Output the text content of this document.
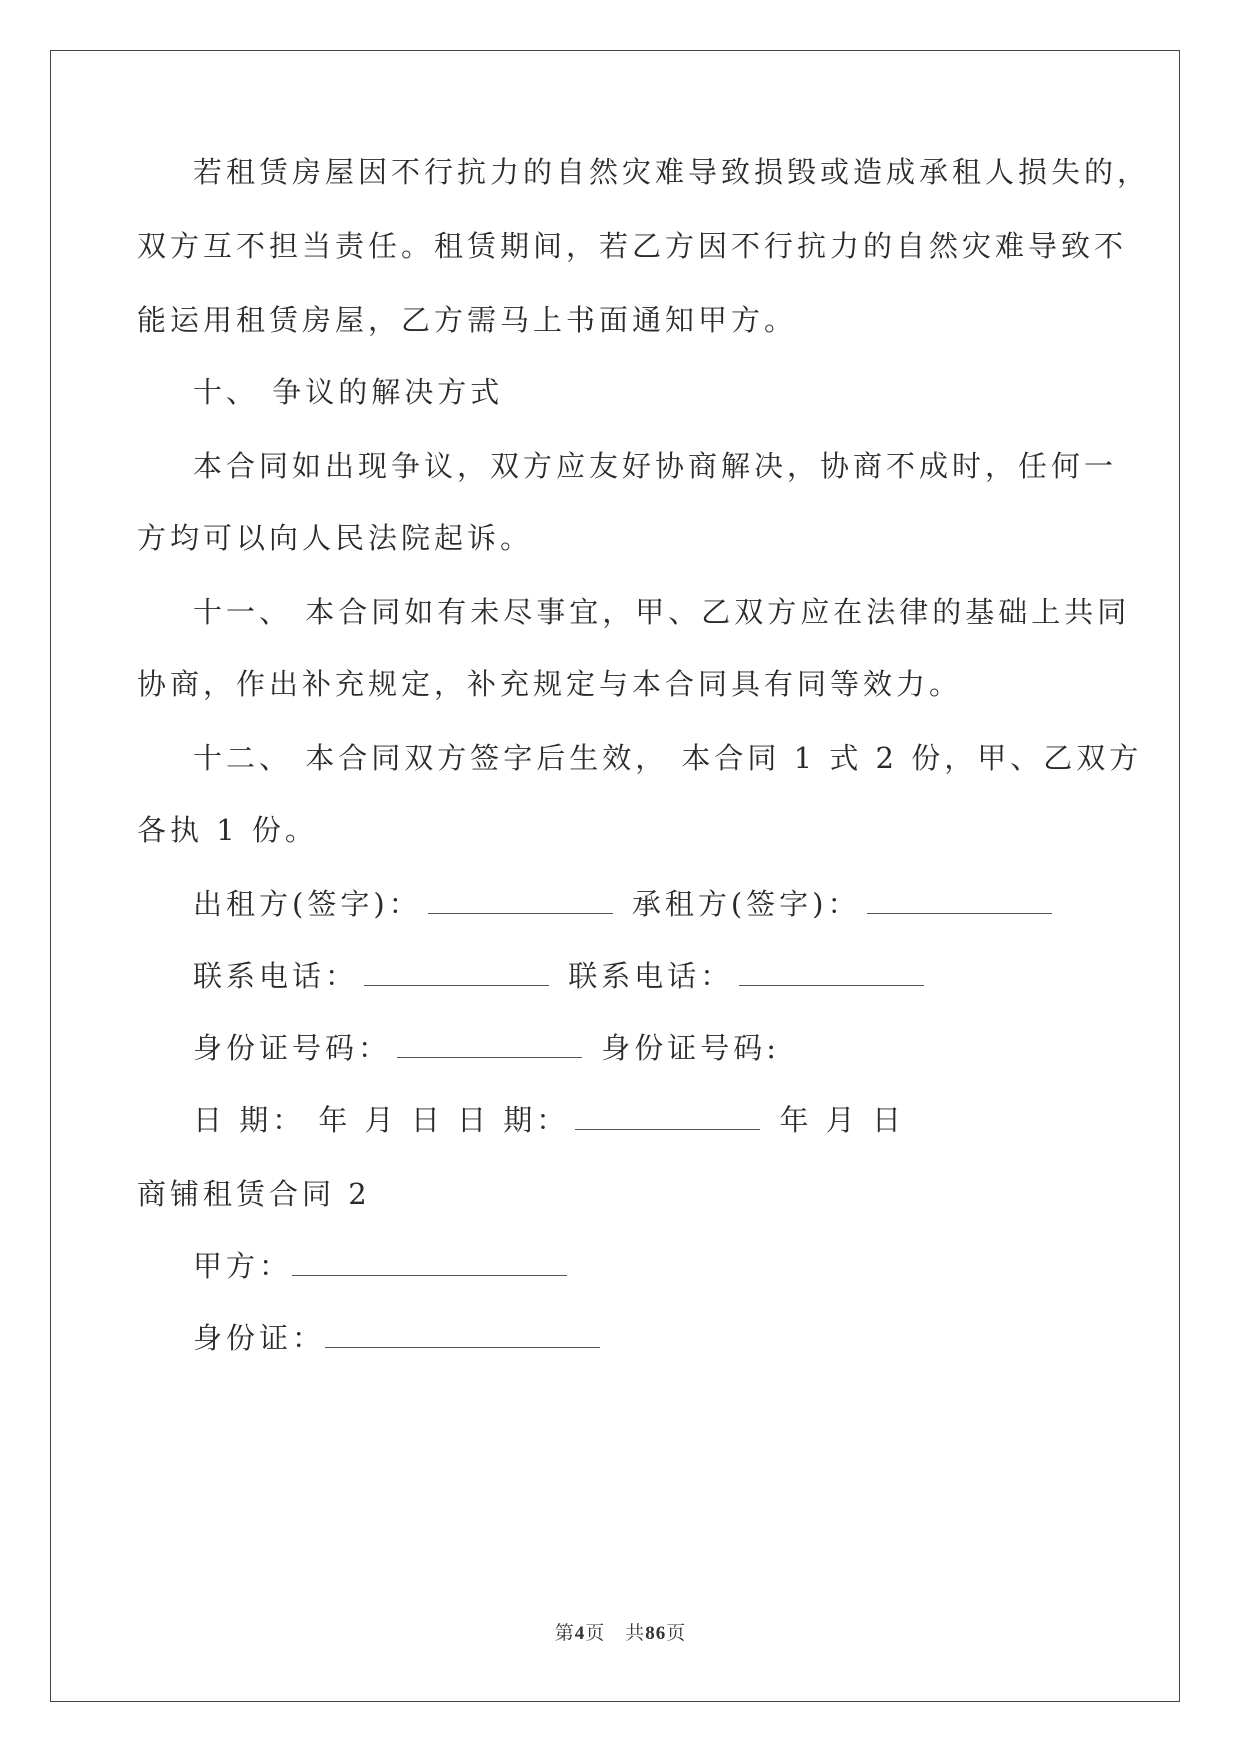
若租赁房屋因不行抗力的自然灾难导致损毁或造成承租人损失的，
双方互不担当责任。租赁期间，若乙方因不行抗力的自然灾难导致不
能运用租赁房屋，乙方需马上书面通知甲方。
十、 争议的解决方式
本合同如出现争议，双方应友好协商解决，协商不成时，任何一
方均可以向人民法院起诉。
十一、 本合同如有未尽事宜，甲、乙双方应在法律的基础上共同
协商，作出补充规定，补充规定与本合同具有同等效力。
十二、 本合同双方签字后生效， 本合同 1 式 2 份，甲、乙双方
各执 1 份。
出租方(签字)：	承租方(签字)：
联系电话：	联系电话：
身份证号码：	身份证号码:
日 期： 年 月 日 日 期：	年 月 日
商铺租赁合同 2
甲方：
身份证：
第4页　共86页
